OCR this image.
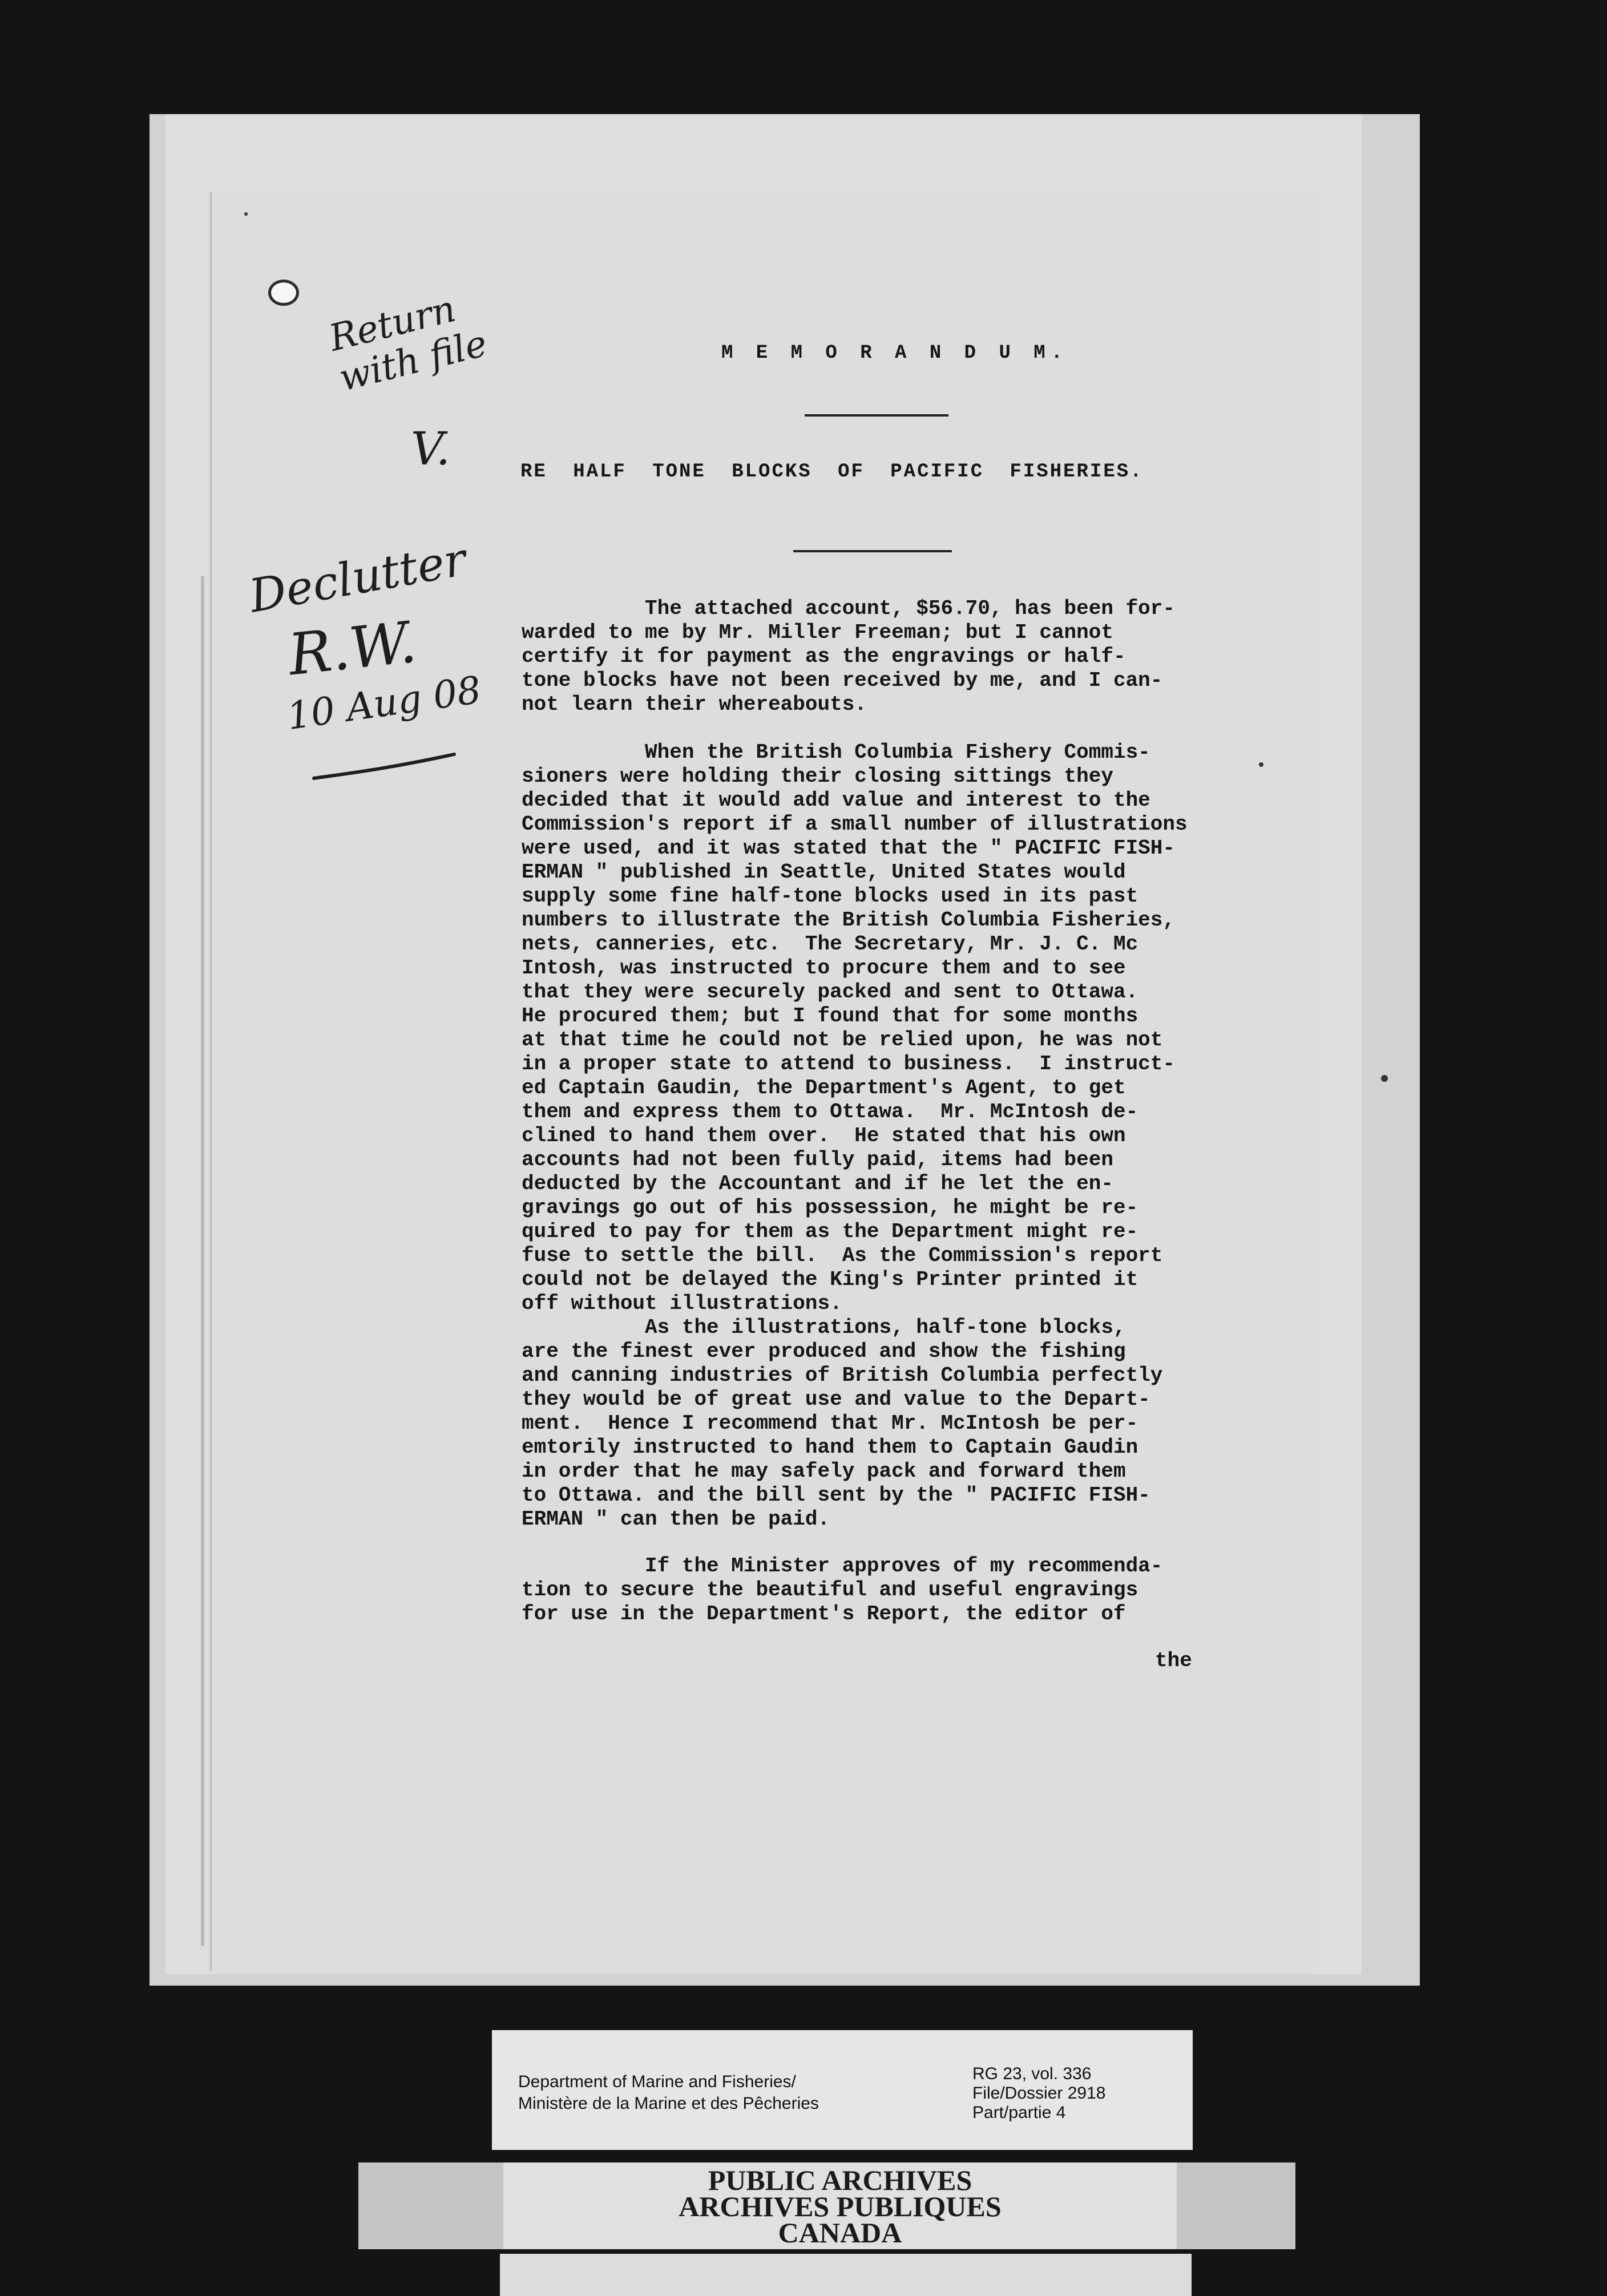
M E M O R A N D U M.
RE HALF TONE BLOCKS OF PACIFIC FISHERIES.
The attached account, $56.70, has been for-
warded to me by Mr. Miller Freeman; but I cannot
certify it for payment as the engravings or half-
tone blocks have not been received by me, and I can-
not learn their whereabouts.
When the British Columbia Fishery Commis-
sioners were holding their closing sittings they
decided that it would add value and interest to the
Commission's report if a small number of illustrations
were used, and it was stated that the " PACIFIC FISH-
ERMAN " published in Seattle, United States would
supply some fine half-tone blocks used in its past
numbers to illustrate the British Columbia Fisheries,
nets, canneries, etc.  The Secretary, Mr. J. C. Mc
Intosh, was instructed to procure them and to see
that they were securely packed and sent to Ottawa.
He procured them; but I found that for some months
at that time he could not be relied upon, he was not
in a proper state to attend to business.  I instruct-
ed Captain Gaudin, the Department's Agent, to get
them and express them to Ottawa.  Mr. McIntosh de-
clined to hand them over.  He stated that his own
accounts had not been fully paid, items had been
deducted by the Accountant and if he let the en-
gravings go out of his possession, he might be re-
quired to pay for them as the Department might re-
fuse to settle the bill.  As the Commission's report
could not be delayed the King's Printer printed it
off without illustrations.
As the illustrations, half-tone blocks,
are the finest ever produced and show the fishing
and canning industries of British Columbia perfectly
they would be of great use and value to the Depart-
ment.  Hence I recommend that Mr. McIntosh be per-
emtorily instructed to hand them to Captain Gaudin
in order that he may safely pack and forward them
to Ottawa. and the bill sent by the " PACIFIC FISH-
ERMAN " can then be paid.
If the Minister approves of my recommenda-
tion to secure the beautiful and useful engravings
for use in the Department's Report, the editor of
the
Return
with file
V.
Declutter
R.W.
10 Aug 08
Department of Marine and Fisheries/
Ministère de la Marine et des Pêcheries
RG 23, vol. 336
File/Dossier 2918
Part/partie 4
PUBLIC ARCHIVES
ARCHIVES PUBLIQUES
CANADA
